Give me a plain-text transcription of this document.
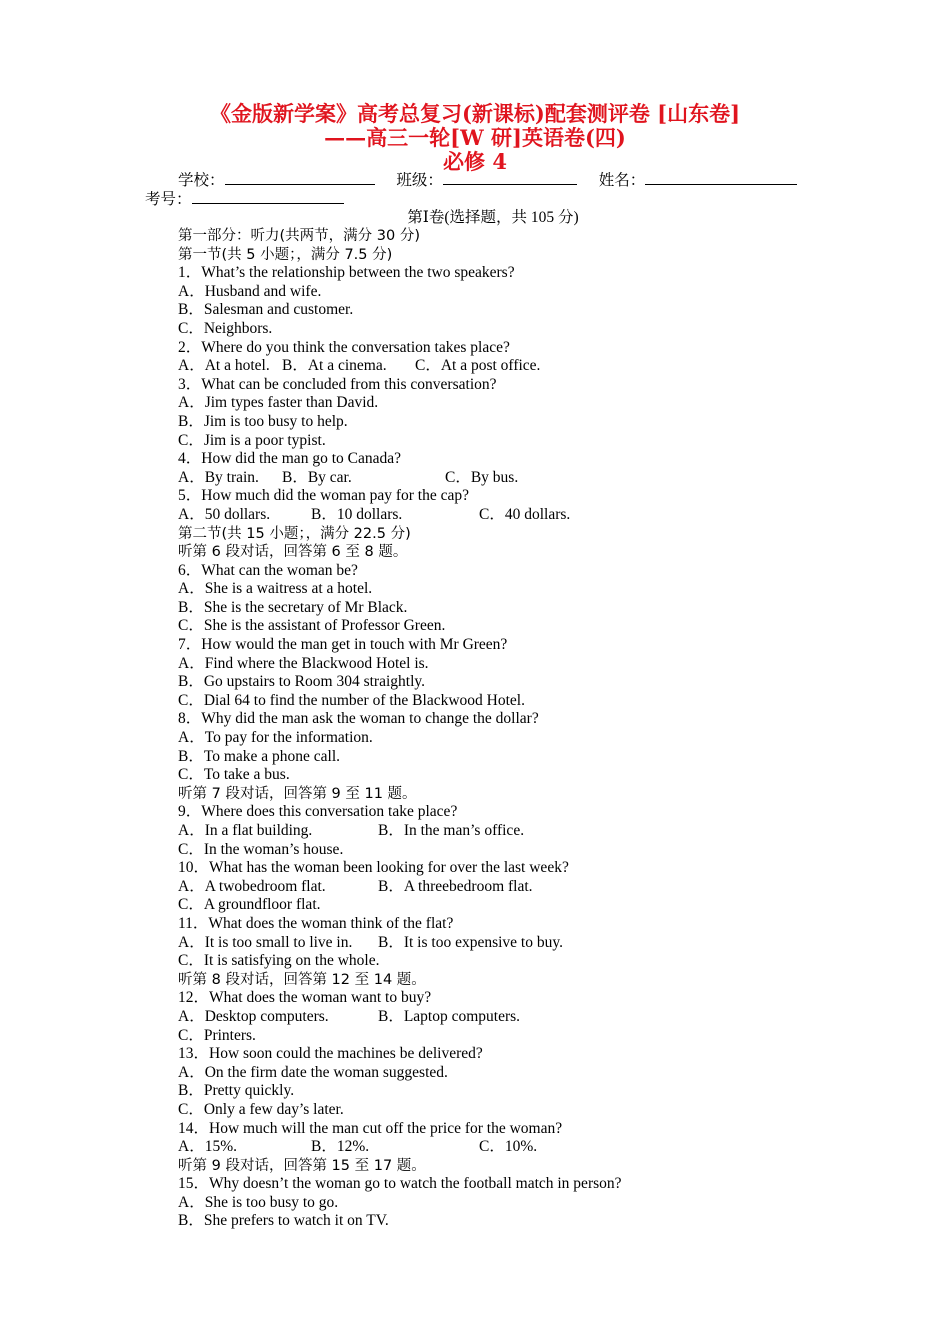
《金版新学案》高考总复习(新课标)配套测评卷 [山东卷]
——高三一轮[W 研]英语卷(四)
必修 4
学校：	班级：	姓名：
考号：
第Ⅰ卷(选择题，共 105 分)
第一部分：听力(共两节，满分 30 分)
第一节(共 5 小题；，满分 7.5 分)
1．What’s the relationship between the two speakers?
A．Husband and wife.
B．Salesman and customer.
C．Neighbors.
2．Where do you think the conversation takes place?
A．At a hotel. B．At a cinema. C．At a post office.
3．What can be concluded from this conversation?
A．Jim types faster than David.
B．Jim is too busy to help.
C．Jim is a poor typist.
4．How did the man go to Canada?
A．By train. B．By car.	C．By bus.
5．How much did the woman pay for the cap?
A．50 dollars.	B．10 dollars.	C．40 dollars.
第二节(共 15 小题；，满分 22.5 分)
听第 6 段对话，回答第 6 至 8 题。
6．What can the woman be?
A．She is a waitress at a hotel.
B．She is the secretary of Mr Black.
C．She is the assistant of Professor Green.
7．How would the man get in touch with Mr Green?
A．Find where the Blackwood Hotel is.
B．Go upstairs to Room 304 straightly.
C．Dial 64 to find the number of the Blackwood Hotel.
8．Why did the man ask the woman to change the dollar?
A．To pay for the information.
B．To make a phone call.
C．To take a bus.
听第 7 段对话，回答第 9 至 11 题。
9．Where does this conversation take place?
A．In a flat building.	B．In the man’s office.
C．In the woman’s house.
10．What has the woman been looking for over the last week?
A．A twobedroom flat.	B．A threebedroom flat.
C．A groundfloor flat.
11．What does the woman think of the flat?
A．It is too small to live in. B．It is too expensive to buy.
C．It is satisfying on the whole.
听第 8 段对话，回答第 12 至 14 题。
12．What does the woman want to buy?
A．Desktop computers.	B．Laptop computers.
C．Printers.
13．How soon could the machines be delivered?
A．On the firm date the woman suggested.
B．Pretty quickly.
C．Only a few day’s later.
14．How much will the man cut off the price for the woman?
A．15%.	B．12%.	C．10%.
听第 9 段对话，回答第 15 至 17 题。
15．Why doesn’t the woman go to watch the football match in person?
A．She is too busy to go.
B．She prefers to watch it on TV.
